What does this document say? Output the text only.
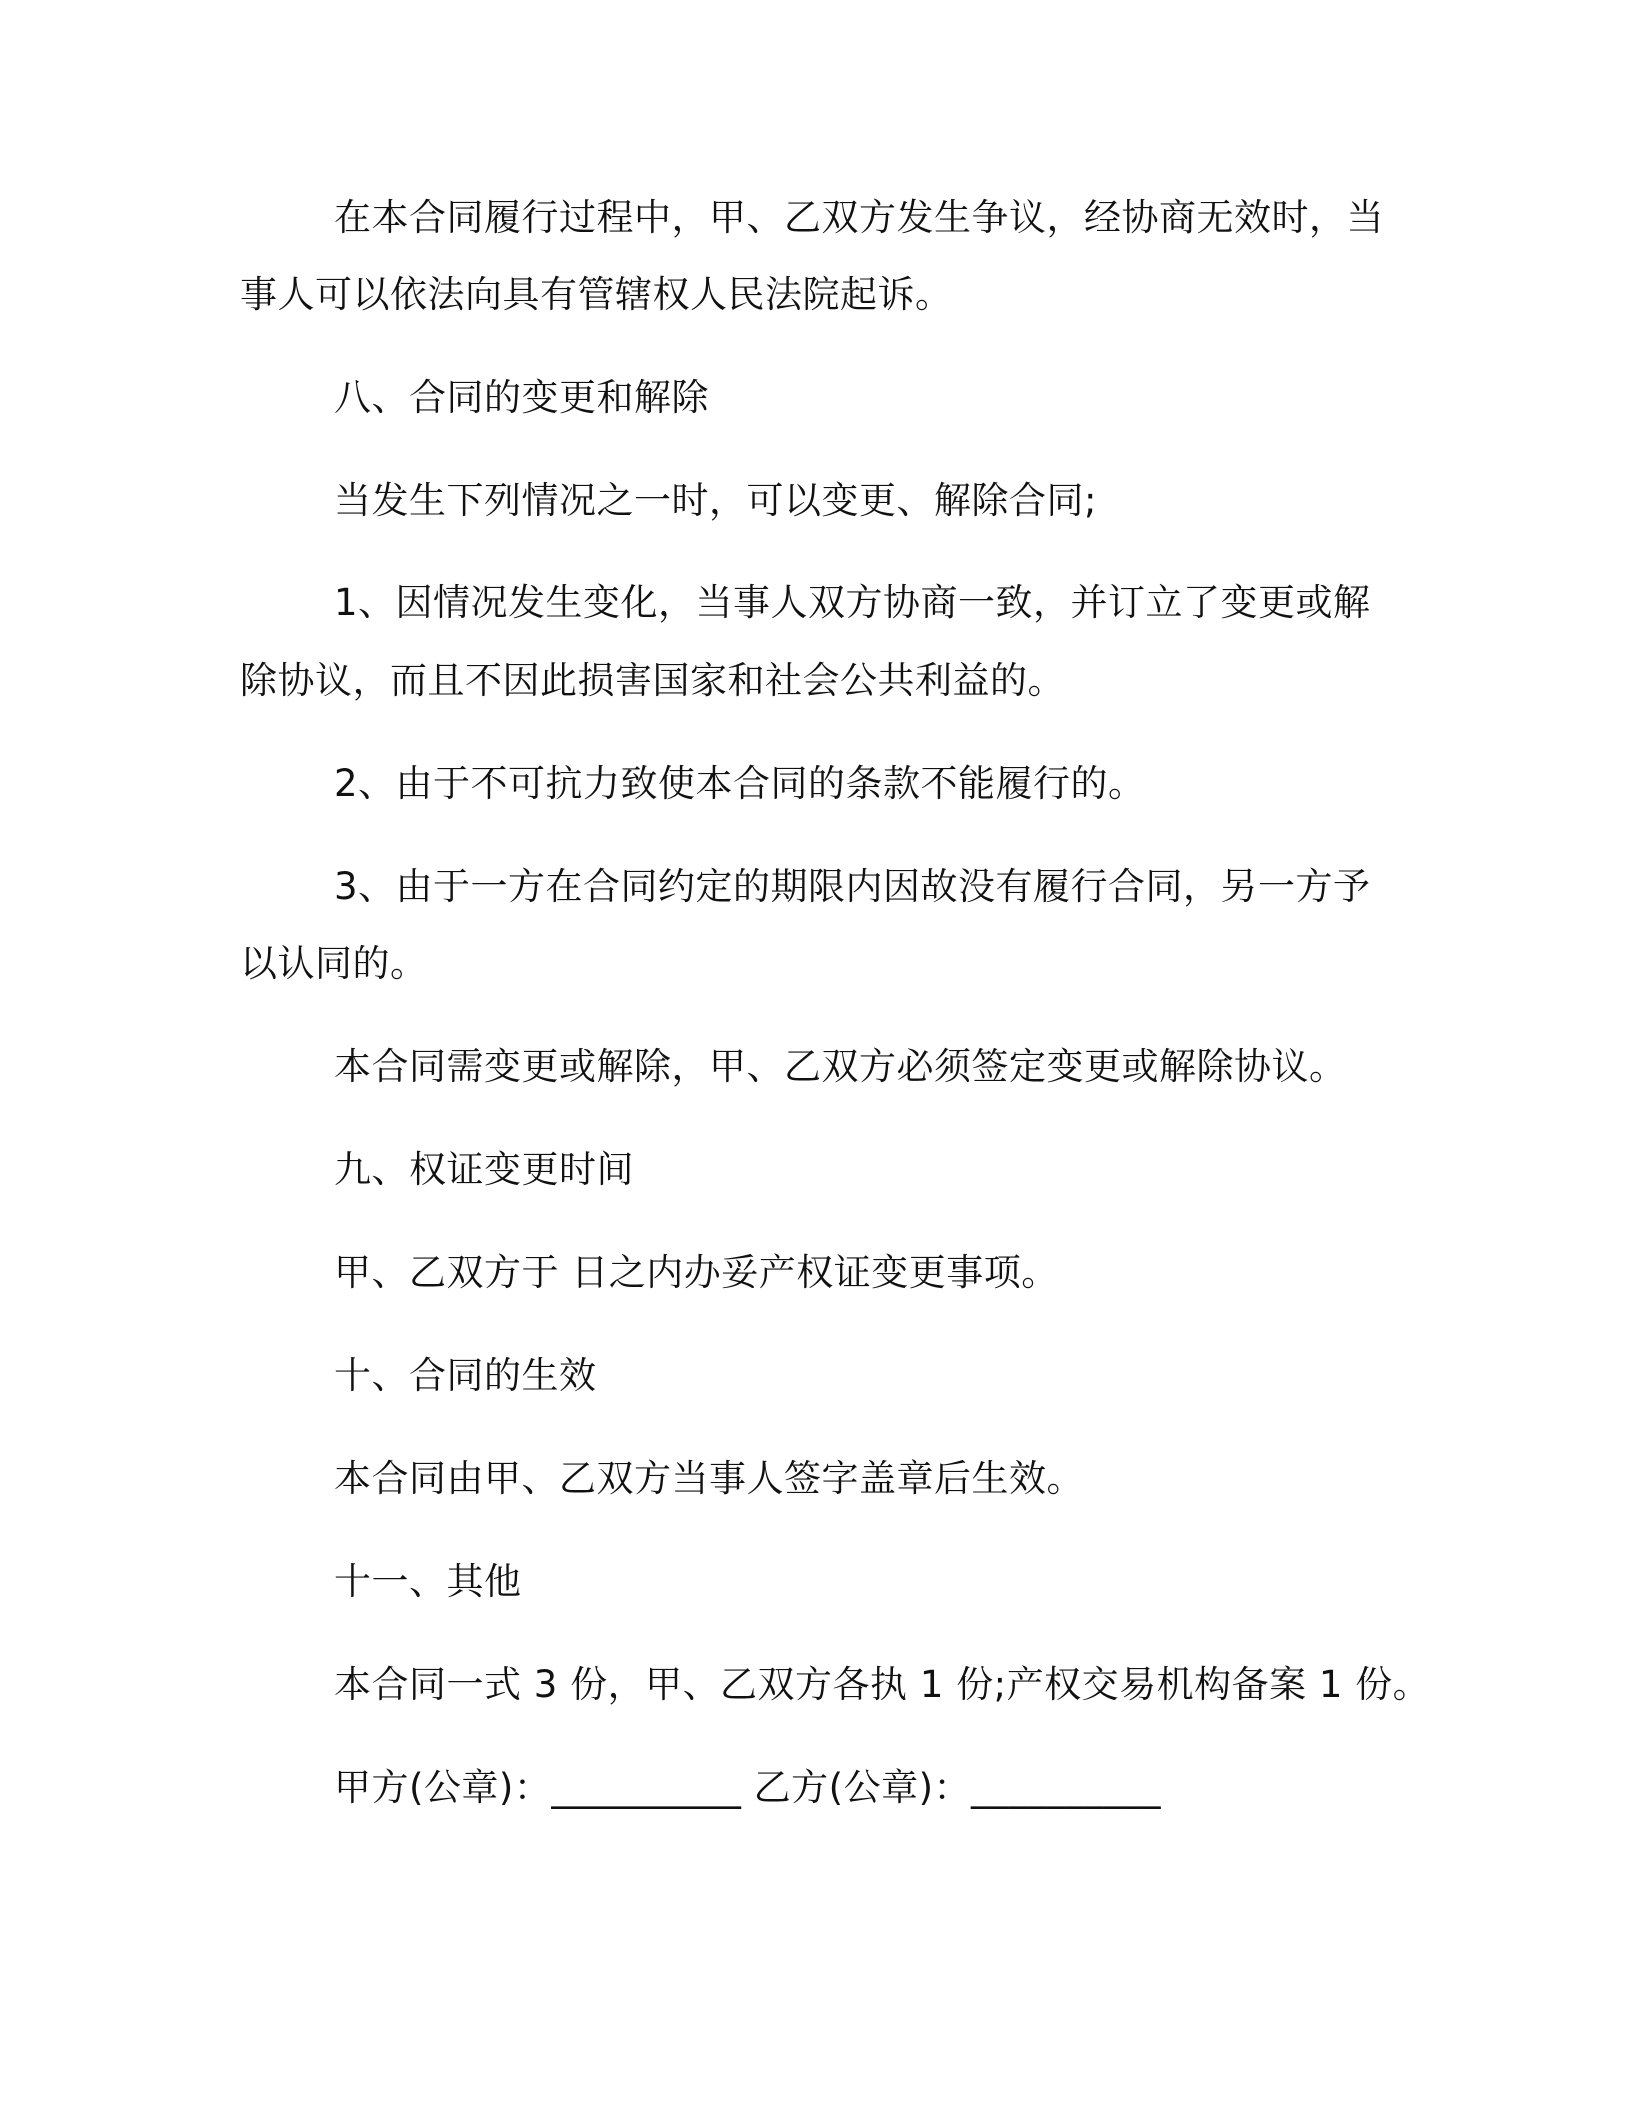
在本合同履行过程中，甲、乙双方发生争议，经协商无效时，当
事人可以依法向具有管辖权人民法院起诉。
八、合同的变更和解除
当发生下列情况之一时，可以变更、解除合同;
1、因情况发生变化，当事人双方协商一致，并订立了变更或解
除协议，而且不因此损害国家和社会公共利益的。
2、由于不可抗力致使本合同的条款不能履行的。
3、由于一方在合同约定的期限内因故没有履行合同，另一方予
以认同的。
本合同需变更或解除，甲、乙双方必须签定变更或解除协议。
九、权证变更时间
甲、乙双方于 日之内办妥产权证变更事项。
十、合同的生效
本合同由甲、乙双方当事人签字盖章后生效。
十一、其他
本合同一式 3 份，甲、乙双方各执 1 份;产权交易机构备案 1 份。
甲方(公章)：__________ 乙方(公章)：__________
